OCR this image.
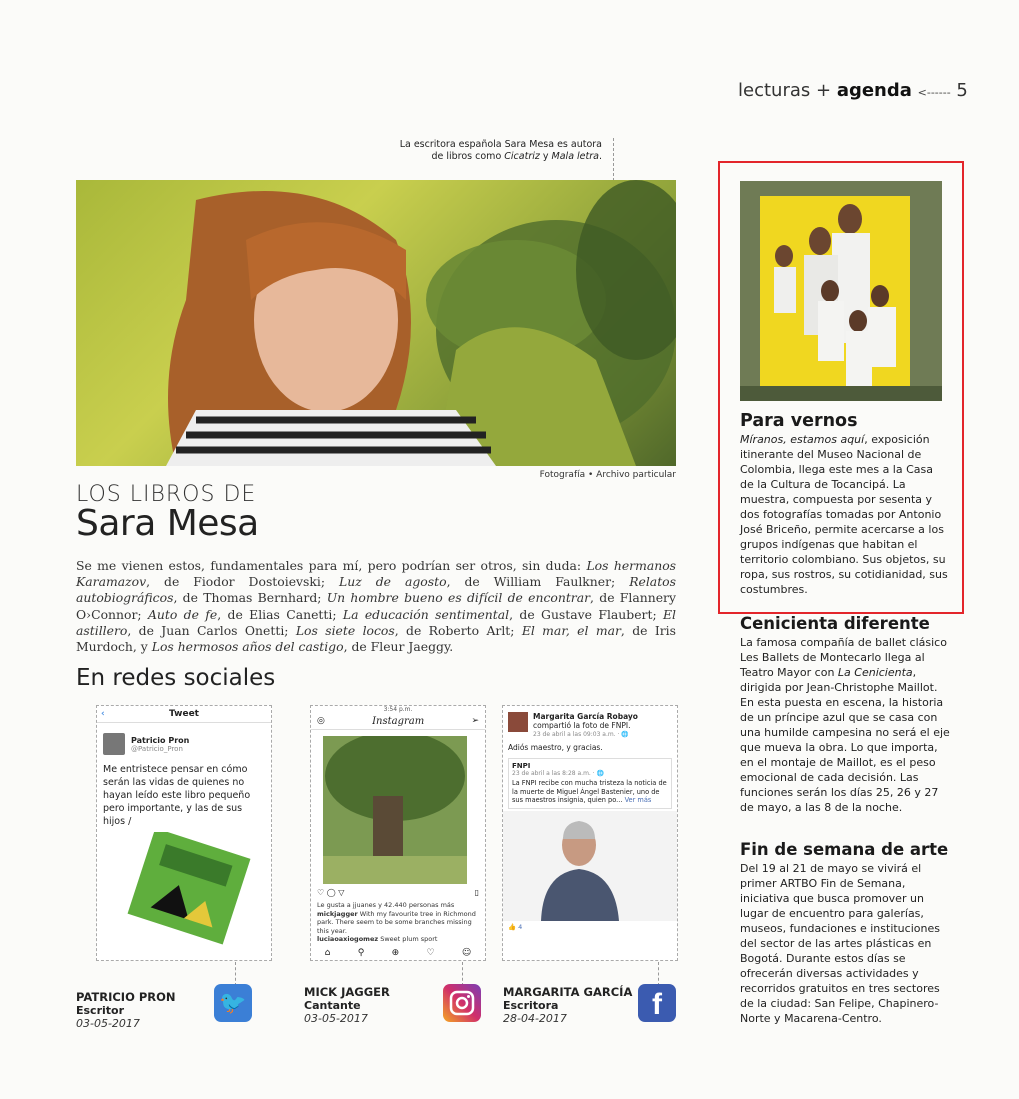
lecturas + agenda <------ 5
La escritora española Sara Mesa es autora
de libros como Cicatriz y Mala letra.
Fotografía • Archivo particular
LOS LIBROS DE
Sara Mesa
Se me vienen estos, fundamentales para mí, pero podrían ser otros, sin duda: Los hermanos Karamazov, de Fiodor Dostoievski; Luz de agosto, de William Faulkner; Relatos autobiográficos, de Thomas Bernhard; Un hombre bueno es difícil de encontrar, de Flannery O›Connor; Auto de fe, de Elias Canetti; La educación sentimental, de Gustave Flaubert; El astillero, de Juan Carlos Onetti; Los siete locos, de Roberto Arlt; El mar, el mar, de Iris Murdoch, y Los hermosos años del castigo, de Fleur Jaeggy.
En redes sociales
‹	Tweet
Patricio Pron
@Patricio_Pron
Me entristece pensar en cómo serán las vidas de quienes no hayan leído este libro pequeño pero importante, y las de sus hijos /
3:54 p.m.
◎	Instagram	➢
♡ ◯ ▽	▯
Le gusta a jjuanes y 42.440 personas más
mickjagger With my favourite tree in Richmond park. There seem to be some branches missing this year.
luciaoaxiogomez Sweet plum sport
⌂	⚲	⊕	♡	☺
Margarita García Robayo compartió la foto de FNPI.
23 de abril a las 09:03 a.m. · 🌐
Adiós maestro, y gracias.
FNPI
23 de abril a las 8:28 a.m. · 🌐
La FNPI recibe con mucha tristeza la noticia de la muerte de Miguel Ángel Bastenier, uno de sus maestros insignia, quien po... Ver más
👍 4
PATRICIO PRON
Escritor
03-05-2017
🐦	MICK JAGGER
Cantante
03-05-2017
MARGARITA GARCÍA
Escritora
28-04-2017	f
Para vernos
Míranos, estamos aquí, exposición itinerante del Museo Nacional de Colombia, llega este mes a la Casa de la Cultura de Tocancipá. La muestra, compuesta por sesenta y dos fotografías tomadas por Antonio José Briceño, permite acercarse a los grupos indígenas que habitan el territorio colombiano. Sus objetos, su ropa, sus rostros, su cotidianidad, sus costumbres.
Cenicienta diferente
La famosa compañía de ballet clásico Les Ballets de Montecarlo llega al Teatro Mayor con La Cenicienta, dirigida por Jean-Christophe Maillot. En esta puesta en escena, la historia de un príncipe azul que se casa con una humilde campesina no será el eje que mueva la obra. Lo que importa, en el montaje de Maillot, es el peso emocional de cada decisión. Las funciones serán los días 25, 26 y 27 de mayo, a las 8 de la noche.
Fin de semana de arte
Del 19 al 21 de mayo se vivirá el primer ARTBO Fin de Semana, iniciativa que busca promover un lugar de encuentro para galerías, museos, fundaciones e instituciones del sector de las artes plásticas en Bogotá. Durante estos días se ofrecerán diversas actividades y recorridos gratuitos en tres sectores de la ciudad: San Felipe, Chapinero-Norte y Macarena-Centro.
